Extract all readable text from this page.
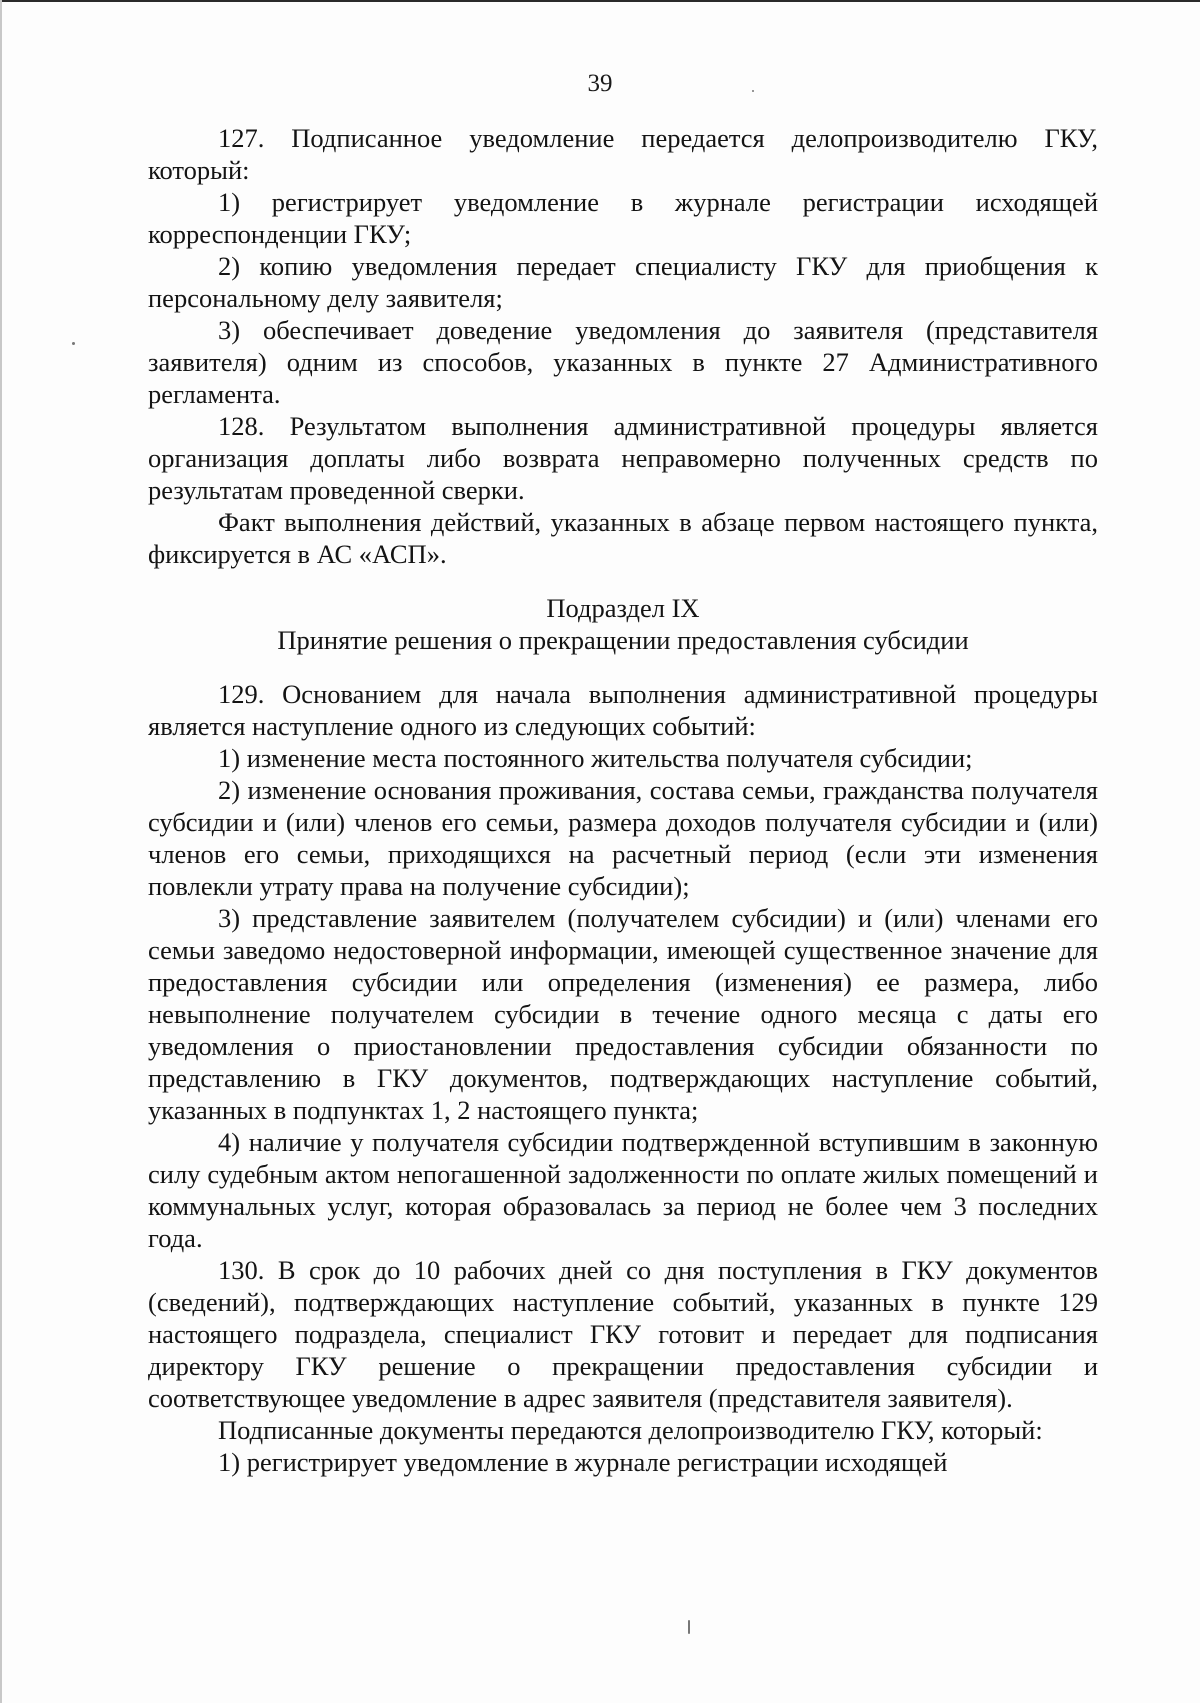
39

127. Подписанное уведомление передается делопроизводителю ГКУ, который:

1) регистрирует уведомление в журнале регистрации исходящей корреспонденции ГКУ;

2) копию уведомления передает специалисту ГКУ для приобщения к персональному делу заявителя;

3) обеспечивает доведение уведомления до заявителя (представителя заявителя) одним из способов, указанных в пункте 27 Административного регламента.

128. Результатом выполнения административной процедуры является организация доплаты либо возврата неправомерно полученных средств по результатам проведенной сверки.

Факт выполнения действий, указанных в абзаце первом настоящего пункта, фиксируется в АС «АСП».

Подраздел IX

Принятие решения о прекращении предоставления субсидии

129. Основанием для начала выполнения административной процедуры является наступление одного из следующих событий:

1) изменение места постоянного жительства получателя субсидии;

2) изменение основания проживания, состава семьи, гражданства получателя субсидии и (или) членов его семьи, размера доходов получателя субсидии и (или) членов его семьи, приходящихся на расчетный период (если эти изменения повлекли утрату права на получение субсидии);

3) представление заявителем (получателем субсидии) и (или) членами его семьи заведомо недостоверной информации, имеющей существенное значение для предоставления субсидии или определения (изменения) ее размера, либо невыполнение получателем субсидии в течение одного месяца с даты его уведомления о приостановлении предоставления субсидии обязанности по представлению в ГКУ документов, подтверждающих наступление событий, указанных в подпунктах 1, 2 настоящего пункта;

4) наличие у получателя субсидии подтвержденной вступившим в законную силу судебным актом непогашенной задолженности по оплате жилых помещений и коммунальных услуг, которая образовалась за период не более чем 3 последних года.

130. В срок до 10 рабочих дней со дня поступления в ГКУ документов (сведений), подтверждающих наступление событий, указанных в пункте 129 настоящего подраздела, специалист ГКУ готовит и передает для подписания директору ГКУ решение о прекращении предоставления субсидии и соответствующее уведомление в адрес заявителя (представителя заявителя).

Подписанные документы передаются делопроизводителю ГКУ, который:

1) регистрирует уведомление в журнале регистрации исходящей
